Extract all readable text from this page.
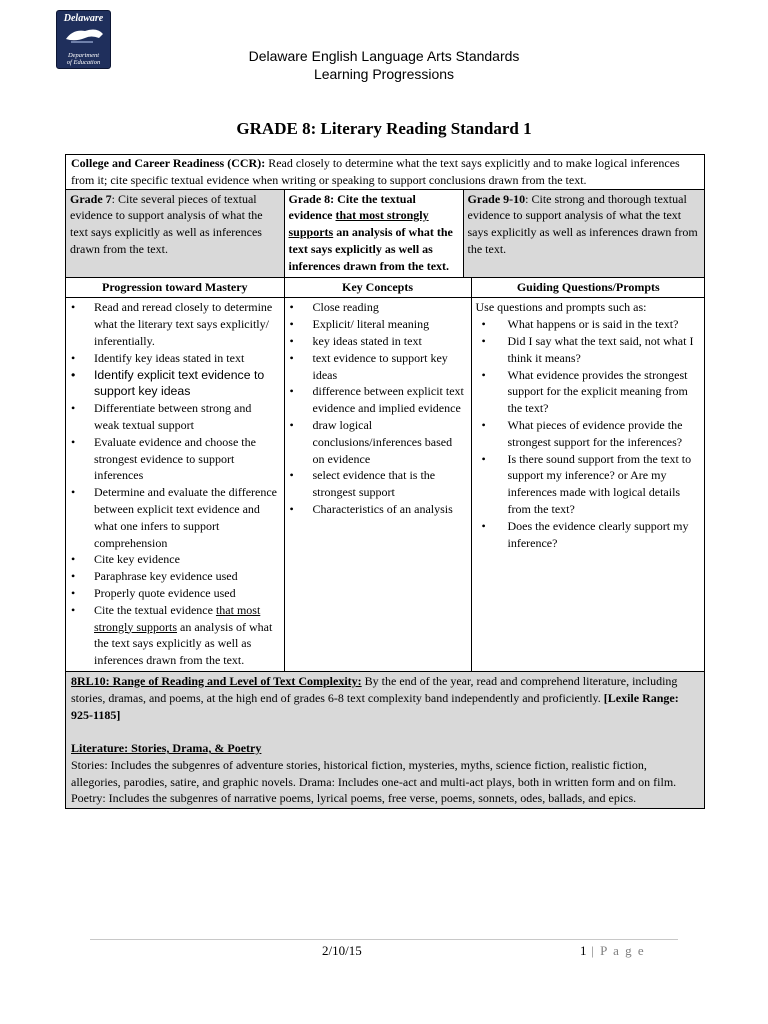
Delaware
Department
of Education	Delaware English Language Arts Standards
Learning Progressions
GRADE 8: Literary Reading Standard 1
College and Career Readiness (CCR): Read closely to determine what the text says explicitly and to make logical inferences from it; cite specific textual evidence when writing or speaking to support conclusions drawn from the text.

Grade 7: Cite several pieces of textual evidence to support analysis of what the text says explicitly as well as inferences drawn from the text.	Grade 8: Cite the textual evidence that most strongly supports an analysis of what the text says explicitly as well as inferences drawn from the text.	Grade 9-10: Cite strong and thorough textual evidence to support analysis of what the text says explicitly as well as inferences drawn from the text.

Progression toward Mastery	Key Concepts	Guiding Questions/Prompts

• Read and reread closely to determine what the literary text says explicitly/ inferentially.
• Identify key ideas stated in text
• Identify explicit text evidence to support key ideas
• Differentiate between strong and weak textual support
• Evaluate evidence and choose the strongest evidence to support inferences
• Determine and evaluate the difference between explicit text evidence and what one infers to support comprehension
• Cite key evidence
• Paraphrase key evidence used
• Properly quote evidence used
• Cite the textual evidence that most strongly supports an analysis of what the text says explicitly as well as inferences drawn from the text.

• Close reading
• Explicit/ literal meaning
• key ideas stated in text
• text evidence to support key ideas
• difference between explicit text evidence and implied evidence
• draw logical conclusions/inferences based on evidence
• select evidence that is the strongest support
• Characteristics of an analysis

Use questions and prompts such as:
• What happens or is said in the text?
• Did I say what the text said, not what I think it means?
• What evidence provides the strongest support for the explicit meaning from the text?
• What pieces of evidence provide the strongest support for the inferences?
• Is there sound support from the text to support my inference? or Are my inferences made with logical details from the text?
• Does the evidence clearly support my inference?

8RL10: Range of Reading and Level of Text Complexity: By the end of the year, read and comprehend literature, including stories, dramas, and poems, at the high end of grades 6-8 text complexity band independently and proficiently. [Lexile Range: 925-1185]
Literature: Stories, Drama, & Poetry
Stories: Includes the subgenres of adventure stories, historical fiction, mysteries, myths, science fiction, realistic fiction, allegories, parodies, satire, and graphic novels. Drama: Includes one-act and multi-act plays, both in written form and on film. Poetry: Includes the subgenres of narrative poems, lyrical poems, free verse, poems, sonnets, odes, ballads, and epics.
2/10/15	1 | P a g e
